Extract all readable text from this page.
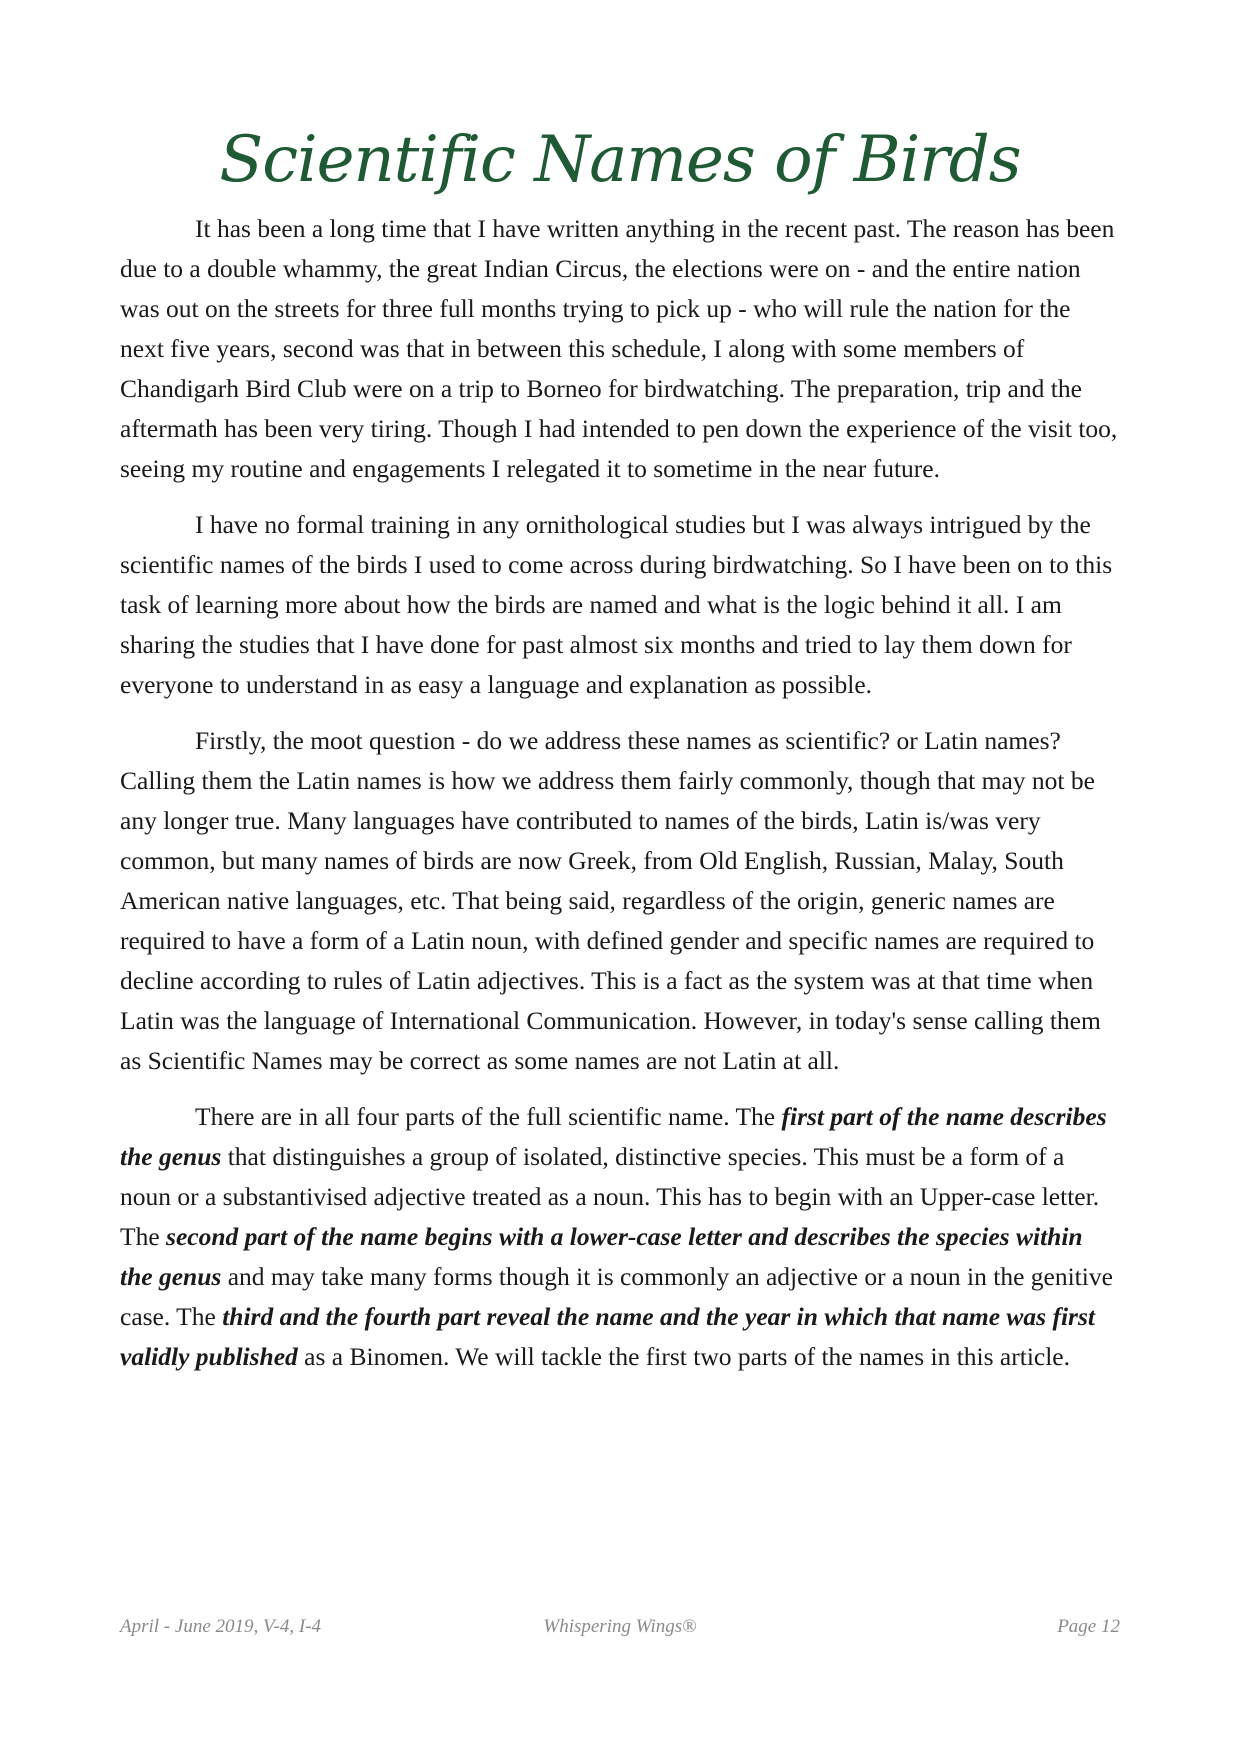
Scientific Names of Birds

It has been a long time that I have written anything in the recent past. The reason has been due to a double whammy, the great Indian Circus, the elections were on - and the entire nation was out on the streets for three full months trying to pick up - who will rule the nation for the next five years, second was that in between this schedule, I along with some members of Chandigarh Bird Club were on a trip to Borneo for birdwatching. The preparation, trip and the aftermath has been very tiring. Though I had intended to pen down the experience of the visit too, seeing my routine and engagements I relegated it to sometime in the near future.

I have no formal training in any ornithological studies but I was always intrigued by the scientific names of the birds I used to come across during birdwatching. So I have been on to this task of learning more about how the birds are named and what is the logic behind it all. I am sharing the studies that I have done for past almost six months and tried to lay them down for everyone to understand in as easy a language and explanation as possible.

Firstly, the moot question - do we address these names as scientific? or Latin names? Calling them the Latin names is how we address them fairly commonly, though that may not be any longer true. Many languages have contributed to names of the birds, Latin is/was very common, but many names of birds are now Greek, from Old English, Russian, Malay, South American native languages, etc. That being said, regardless of the origin, generic names are required to have a form of a Latin noun, with defined gender and specific names are required to decline according to rules of Latin adjectives. This is a fact as the system was at that time when Latin was the language of International Communication. However, in today's sense calling them as Scientific Names may be correct as some names are not Latin at all.

There are in all four parts of the full scientific name. The first part of the name describes the genus that distinguishes a group of isolated, distinctive species. This must be a form of a noun or a substantivised adjective treated as a noun. This has to begin with an Upper-case letter. The second part of the name begins with a lower-case letter and describes the species within the genus and may take many forms though it is commonly an adjective or a noun in the genitive case. The third and the fourth part reveal the name and the year in which that name was first validly published as a Binomen. We will tackle the first two parts of the names in this article.

April - June 2019, V-4, I-4	Whispering Wings®	Page 12
